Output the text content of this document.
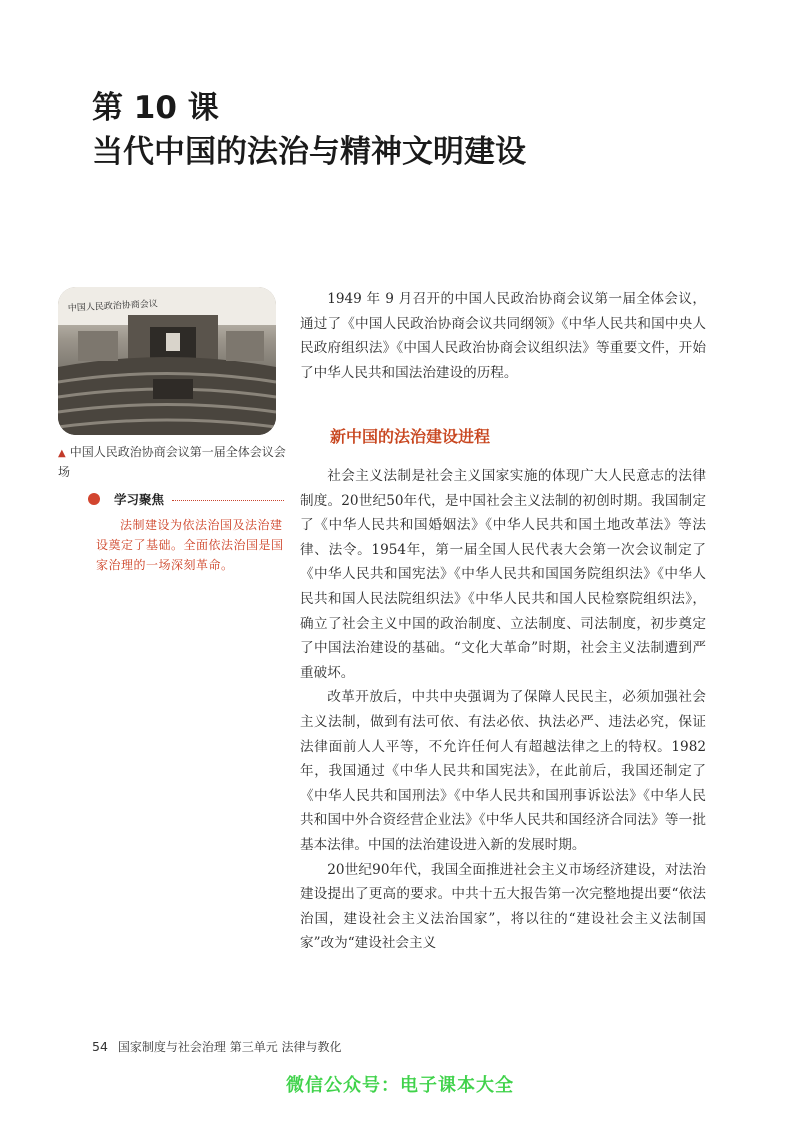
第 10 课
当代中国的法治与精神文明建设
中国人民政治协商会议
▲ 中国人民政治协商会议第一届全体会议会场
学习聚焦
法制建设为依法治国及法治建设奠定了基础。全面依法治国是国家治理的一场深刻革命。

1949 年 9 月召开的中国人民政治协商会议第一届全体会议，通过了《中国人民政治协商会议共同纲领》《中华人民共和国中央人民政府组织法》《中国人民政治协商会议组织法》等重要文件，开始了中华人民共和国法治建设的历程。

新中国的法治建设进程

社会主义法制是社会主义国家实施的体现广大人民意志的法律制度。20世纪50年代，是中国社会主义法制的初创时期。我国制定了《中华人民共和国婚姻法》《中华人民共和国土地改革法》等法律、法令。1954年，第一届全国人民代表大会第一次会议制定了《中华人民共和国宪法》《中华人民共和国国务院组织法》《中华人民共和国人民法院组织法》《中华人民共和国人民检察院组织法》，确立了社会主义中国的政治制度、立法制度、司法制度，初步奠定了中国法治建设的基础。“文化大革命”时期，社会主义法制遭到严重破坏。

改革开放后，中共中央强调为了保障人民民主，必须加强社会主义法制，做到有法可依、有法必依、执法必严、违法必究，保证法律面前人人平等，不允许任何人有超越法律之上的特权。1982年，我国通过《中华人民共和国宪法》，在此前后，我国还制定了《中华人民共和国刑法》《中华人民共和国刑事诉讼法》《中华人民共和国中外合资经营企业法》《中华人民共和国经济合同法》等一批基本法律。中国的法治建设进入新的发展时期。

20世纪90年代，我国全面推进社会主义市场经济建设，对法治建设提出了更高的要求。中共十五大报告第一次完整地提出要“依法治国，建设社会主义法治国家”，将以往的“建设社会主义法制国家”改为“建设社会主义

54 国家制度与社会治理 第三单元 法律与教化
微信公众号：电子课本大全
